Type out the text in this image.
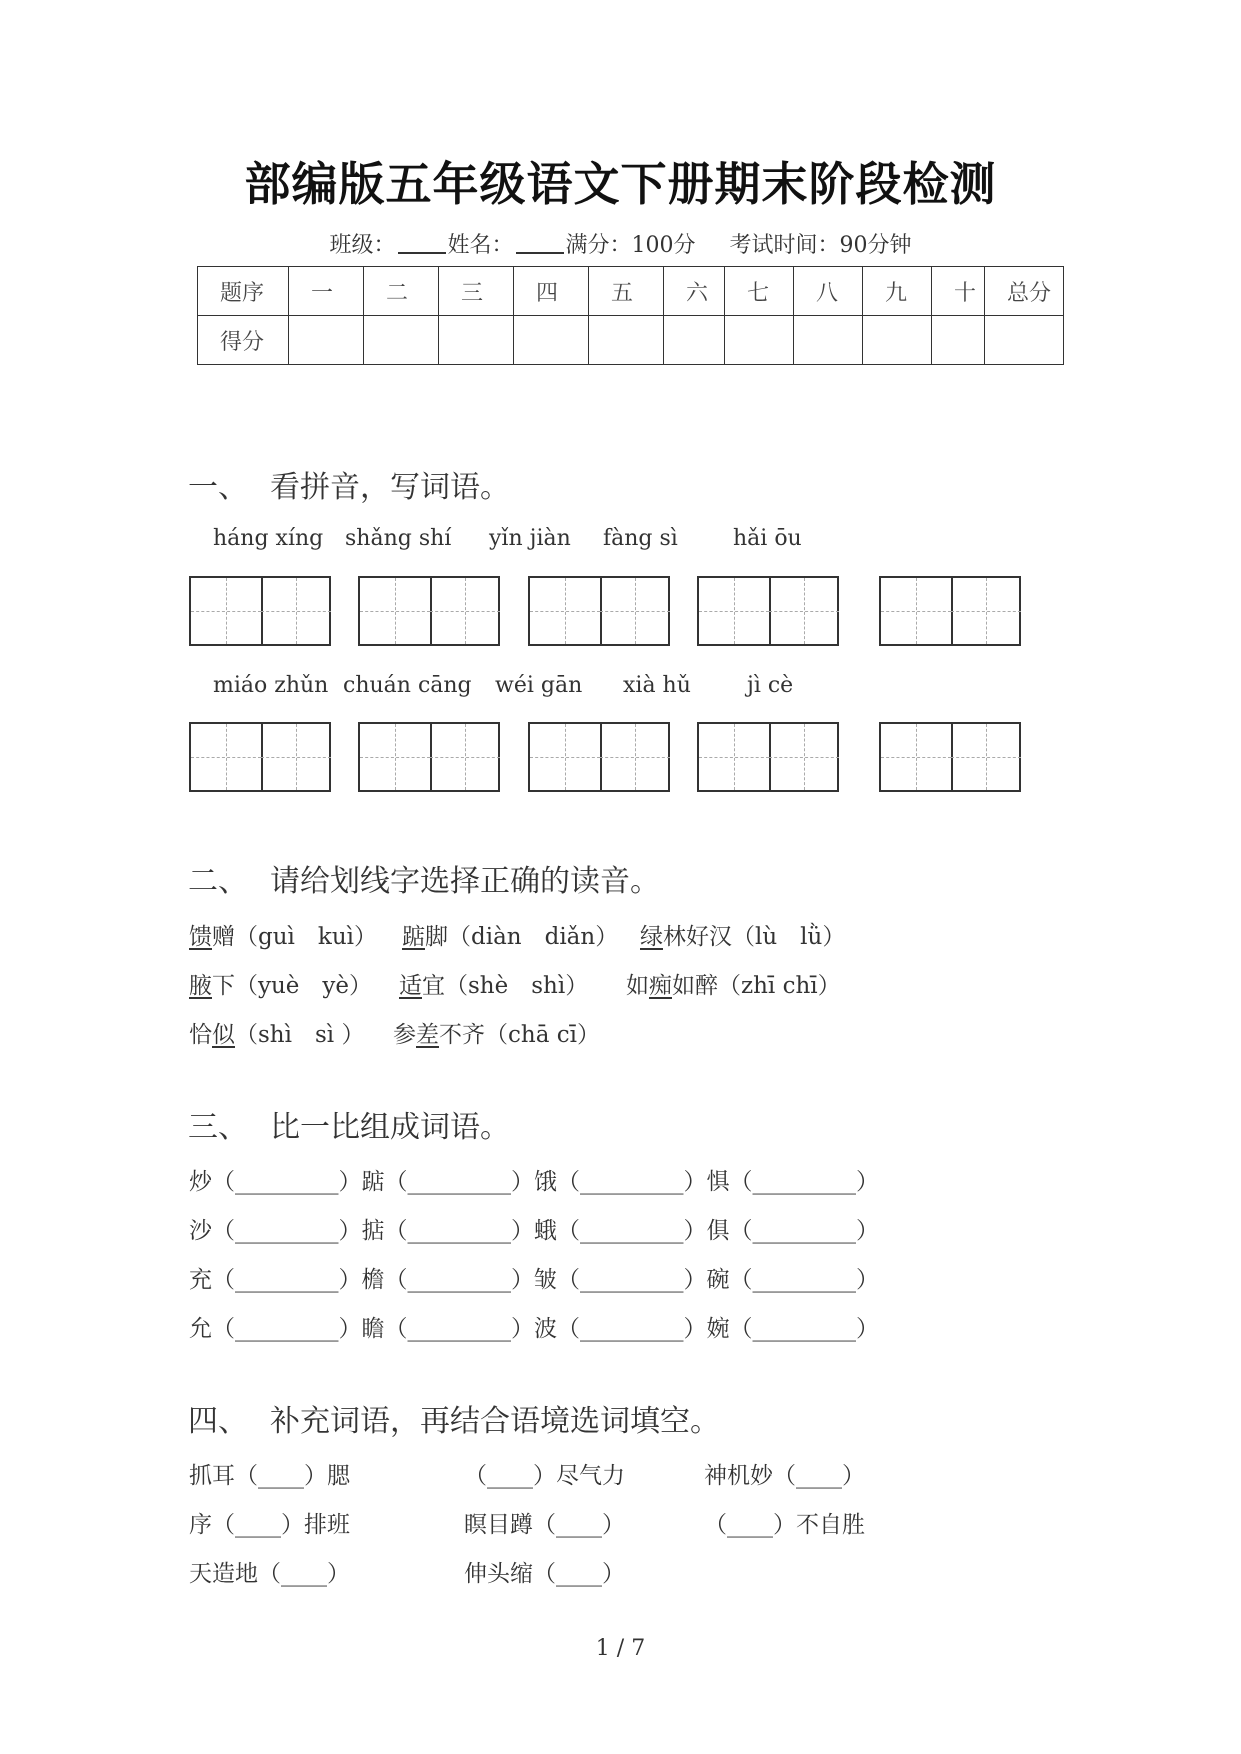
部编版五年级语文下册期末阶段检测
班级： 姓名： 满分：100分 考试时间：90分钟
题序	一	二	三	四	五	六	七	八	九	十	总分
得分											
一、 看拼音，写词语。
háng xíng shǎng shí yǐn jiàn fàng sì	hǎi ōu
miáo zhǔn chuán cāng wéi gān xià hǔ	jì cè
二、 请给划线字选择正确的读音。
馈赠（guì　kuì） 踮脚（diàn　diǎn） 绿林好汉（lù　lǜ）
腋下（yuè　yè） 适宜（shè　shì） 如痴如醉（zhī chī）
恰似（shì　sì ） 参差不齐（chā cī）
三、 比一比组成词语。
炒（_________）踮（_________）饿（_________）惧（_________）
沙（_________）掂（_________）蛾（_________）俱（_________）
充（_________）檐（_________）皱（_________）碗（_________）
允（_________）瞻（_________）波（_________）婉（_________）
四、 补充词语，再结合语境选词填空。
抓耳（____）腮	（____）尽气力	神机妙（____）
序（____）排班	瞑目蹲（____）	（____）不自胜
天造地（____）	伸头缩（____）
1 / 7
